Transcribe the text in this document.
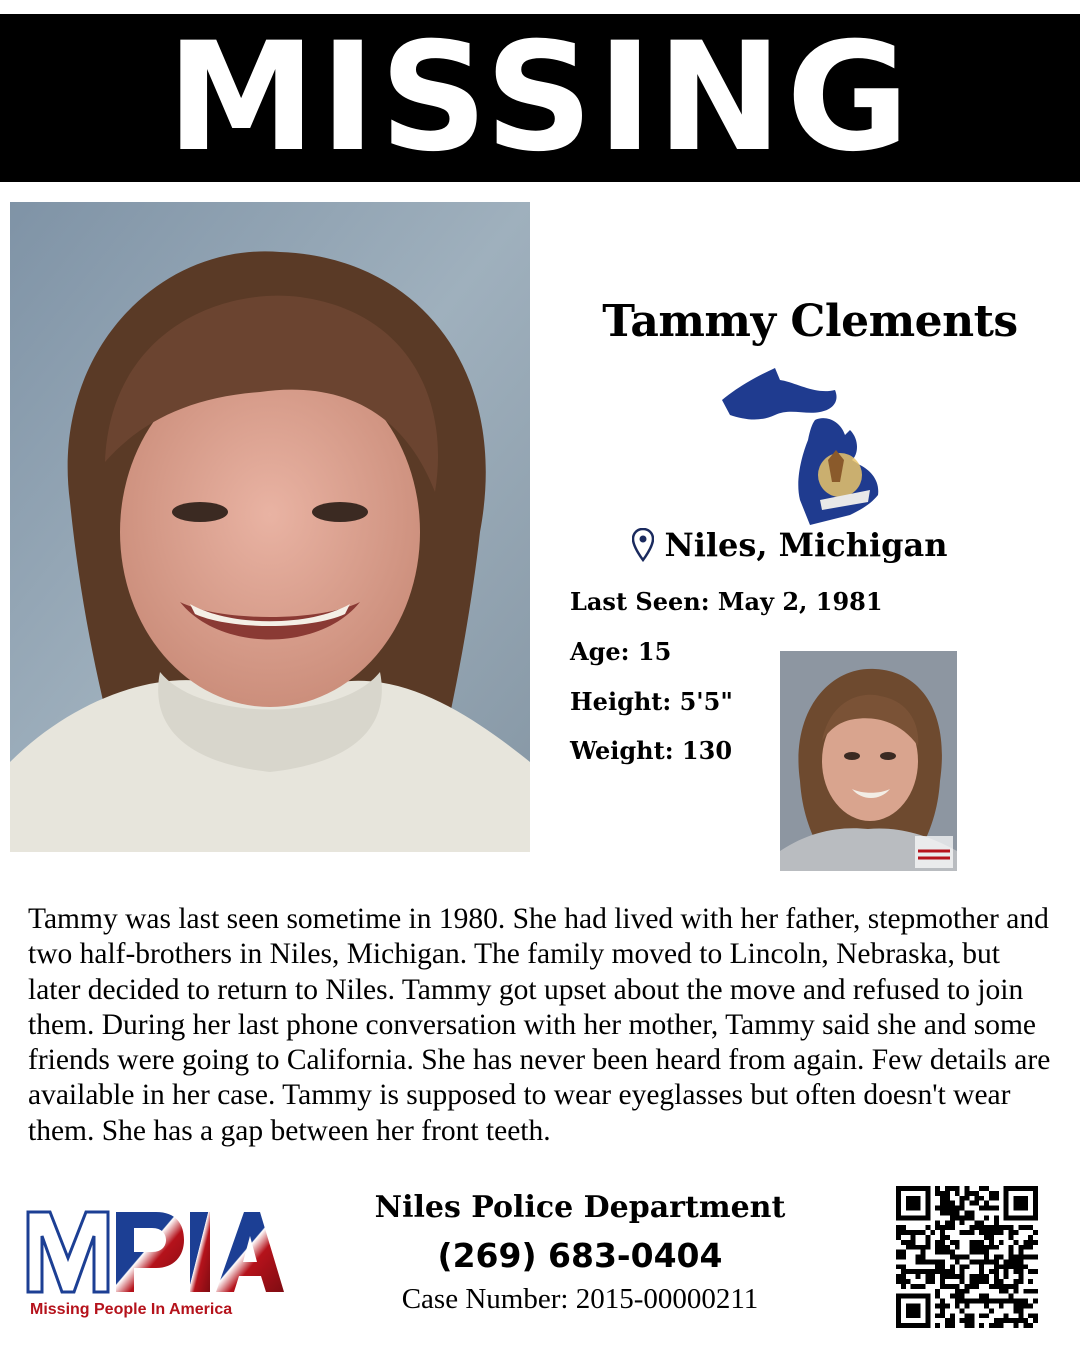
MISSING
Tammy Clements
Niles, Michigan
Last Seen: May 2, 1981
Age: 15
Height: 5'5"
Weight: 130
Tammy was last seen sometime in 1980. She had lived with her father, stepmother and two half-brothers in Niles, Michigan. The family moved to Lincoln, Nebraska, but later decided to return to Niles. Tammy got upset about the move and refused to join them. During her last phone conversation with her mother, Tammy said she and some friends were going to California. She has never been heard from again. Few details are available in her case. Tammy is supposed to wear eyeglasses but often doesn't wear them. She has a gap between her front teeth.
Missing People In America
Niles Police Department
(269) 683-0404
Case Number: 2015-00000211
